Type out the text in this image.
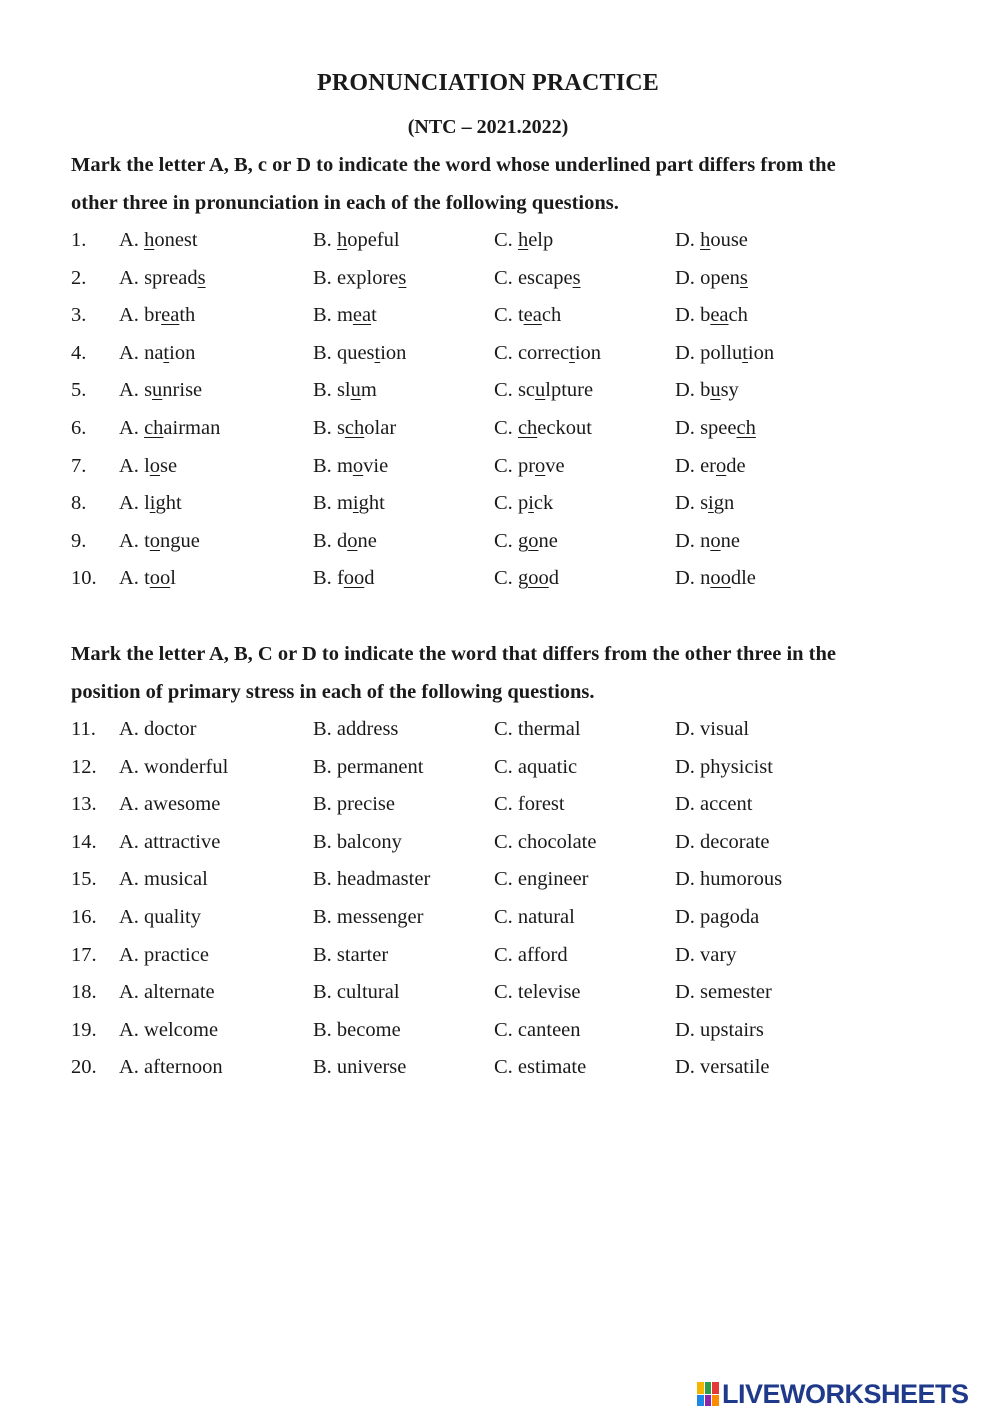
PRONUNCIATION PRACTICE
(NTC – 2021.2022)
Mark the letter A, B, c or D to indicate the word whose underlined part differs from the
other three in pronunciation in each of the following questions.
1. A. honest	B. hopeful	C. help	D. house
2. A. spreads	B. explores	C. escapes	D. opens
3. A. breath	B. meat	C. teach	D. beach
4. A. nation	B. question	C. correction	D. pollution
5. A. sunrise	B. slum	C. sculpture	D. busy
6. A. chairman	B. scholar	C. checkout	D. speech
7. A. lose	B. movie	C. prove	D. erode
8. A. light	B. might	C. pick	D. sign
9. A. tongue	B. done	C. gone	D. none
10. A. tool	B. food	C. good	D. noodle
Mark the letter A, B, C or D to indicate the word that differs from the other three in the
position of primary stress in each of the following questions.
11. A. doctor	B. address	C. thermal	D. visual
12. A. wonderful	B. permanent	C. aquatic	D. physicist
13. A. awesome	B. precise	C. forest	D. accent
14. A. attractive	B. balcony	C. chocolate	D. decorate
15. A. musical	B. headmaster	C. engineer	D. humorous
16. A. quality	B. messenger	C. natural	D. pagoda
17. A. practice	B. starter	C. afford	D. vary
18. A. alternate	B. cultural	C. televise	D. semester
19. A. welcome	B. become	C. canteen	D. upstairs
20. A. afternoon	B. universe	C. estimate	D. versatile
LIVEWORKSHEETS
